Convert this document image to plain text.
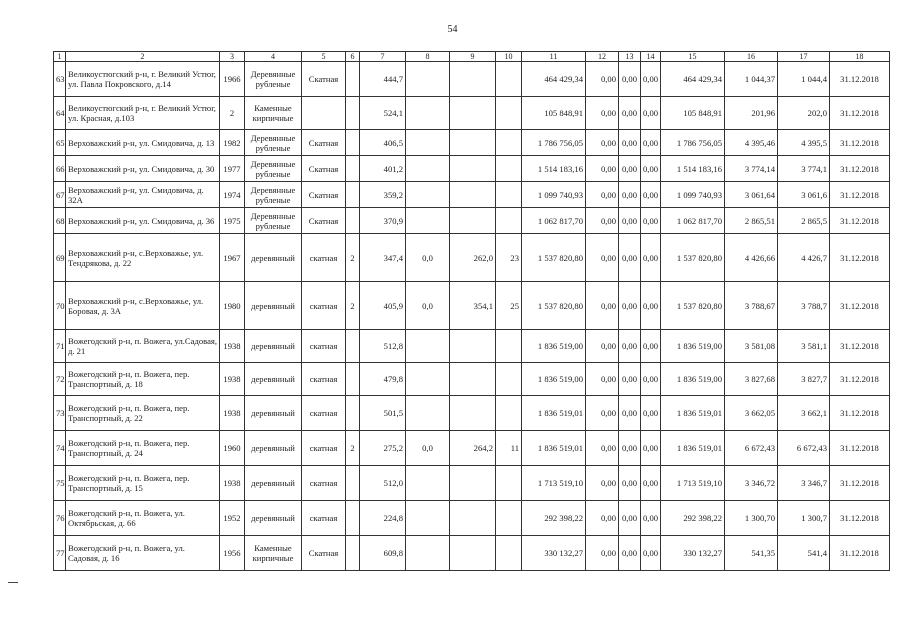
54
1	2	3	4	5	6	7	8	9	10	11	12	13	14	15	16	17	18
63	Великоустюгский р-н, г. Великий Устюг, ул. Павла Покровского, д.14	1966	Деревянные рубленые	Скатная		444,7				464 429,34	0,00	0,00	0,00	464 429,34	1 044,37	1 044,4	31.12.2018
64	Великоустюгский р-н, г. Великий Устюг, ул. Красная, д.103	2	Каменные кирпичные			524,1				105 848,91	0,00	0,00	0,00	105 848,91	201,96	202,0	31.12.2018
65	Верховажский р-н, ул. Смидовича, д. 13	1982	Деревянные рубленые	Скатная		406,5				1 786 756,05	0,00	0,00	0,00	1 786 756,05	4 395,46	4 395,5	31.12.2018
66	Верховажский р-н, ул. Смидовича, д. 30	1977	Деревянные рубленые	Скатная		401,2				1 514 183,16	0,00	0,00	0,00	1 514 183,16	3 774,14	3 774,1	31.12.2018
67	Верховажский р-н, ул. Смидовича, д. 32А	1974	Деревянные рубленые	Скатная		359,2				1 099 740,93	0,00	0,00	0,00	1 099 740,93	3 061,64	3 061,6	31.12.2018
68	Верховажский р-н, ул. Смидовича, д. 36	1975	Деревянные рубленые	Скатная		370,9				1 062 817,70	0,00	0,00	0,00	1 062 817,70	2 865,51	2 865,5	31.12.2018
69	Верховажский р-н, с.Верховажье, ул. Тендрякова, д. 22	1967	деревянный	скатная	2	347,4	0,0	262,0	23	1 537 820,80	0,00	0,00	0,00	1 537 820,80	4 426,66	4 426,7	31.12.2018
70	Верховажский р-н, с.Верховажье, ул. Боровая, д. 3А	1980	деревянный	скатная	2	405,9	0,0	354,1	25	1 537 820,80	0,00	0,00	0,00	1 537 820,80	3 788,67	3 788,7	31.12.2018
71	Вожегодский р-н, п. Вожега, ул.Садовая, д. 21	1938	деревянный	скатная		512,8				1 836 519,00	0,00	0,00	0,00	1 836 519,00	3 581,08	3 581,1	31.12.2018
72	Вожегодский р-н, п. Вожега, пер. Транспортный, д. 18	1938	деревянный	скатная		479,8				1 836 519,00	0,00	0,00	0,00	1 836 519,00	3 827,68	3 827,7	31.12.2018
73	Вожегодский р-н, п. Вожега, пер. Транспортный, д. 22	1938	деревянный	скатная		501,5				1 836 519,01	0,00	0,00	0,00	1 836 519,01	3 662,05	3 662,1	31.12.2018
74	Вожегодский р-н, п. Вожега, пер. Транспортный, д. 24	1960	деревянный	скатная	2	275,2	0,0	264,2	11	1 836 519,01	0,00	0,00	0,00	1 836 519,01	6 672,43	6 672,43	31.12.2018
75	Вожегодский р-н, п. Вожега, пер. Транспортный, д. 15	1938	деревянный	скатная		512,0				1 713 519,10	0,00	0,00	0,00	1 713 519,10	3 346,72	3 346,7	31.12.2018
76	Вожегодский р-н, п. Вожега, ул. Октябрьская, д. 66	1952	деревянный	скатная		224,8				292 398,22	0,00	0,00	0,00	292 398,22	1 300,70	1 300,7	31.12.2018
77	Вожегодский р-н, п. Вожега, ул. Садовая, д. 16	1956	Каменные кирпичные	Скатная		609,8				330 132,27	0,00	0,00	0,00	330 132,27	541,35	541,4	31.12.2018
